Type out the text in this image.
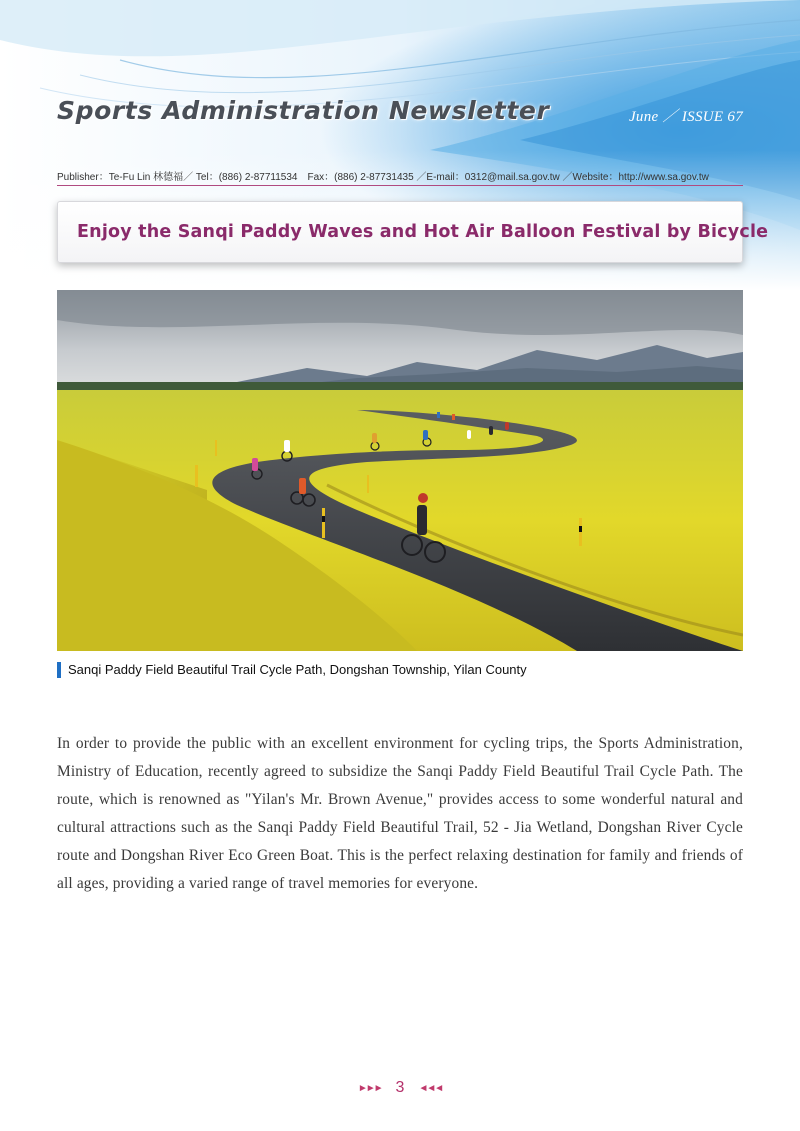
Sports Administration Newsletter	June ／ ISSUE 67
Publisher：Te-Fu Lin 林德福／ Tel：(886) 2-87711534　Fax：(886) 2-87731435 ／E-mail：0312@mail.sa.gov.tw ／Website：http://www.sa.gov.tw
Enjoy the Sanqi Paddy Waves and Hot Air Balloon Festival by Bicycle
Sanqi Paddy Field Beautiful Trail Cycle Path, Dongshan Township, Yilan County

In order to provide the public with an excellent environment for cycling trips, the Sports Administration, Ministry of Education, recently agreed to subsidize the Sanqi Paddy Field Beautiful Trail Cycle Path. The route, which is renowned as "Yilan's Mr. Brown Avenue," provides access to some wonderful natural and cultural attractions such as the Sanqi Paddy Field Beautiful Trail, 52 - Jia Wetland, Dongshan River Cycle route and Dongshan River Eco Green Boat. This is the perfect relaxing destination for family and friends of all ages, providing a varied range of travel memories for everyone.

►►► 3 ◄◄◄
